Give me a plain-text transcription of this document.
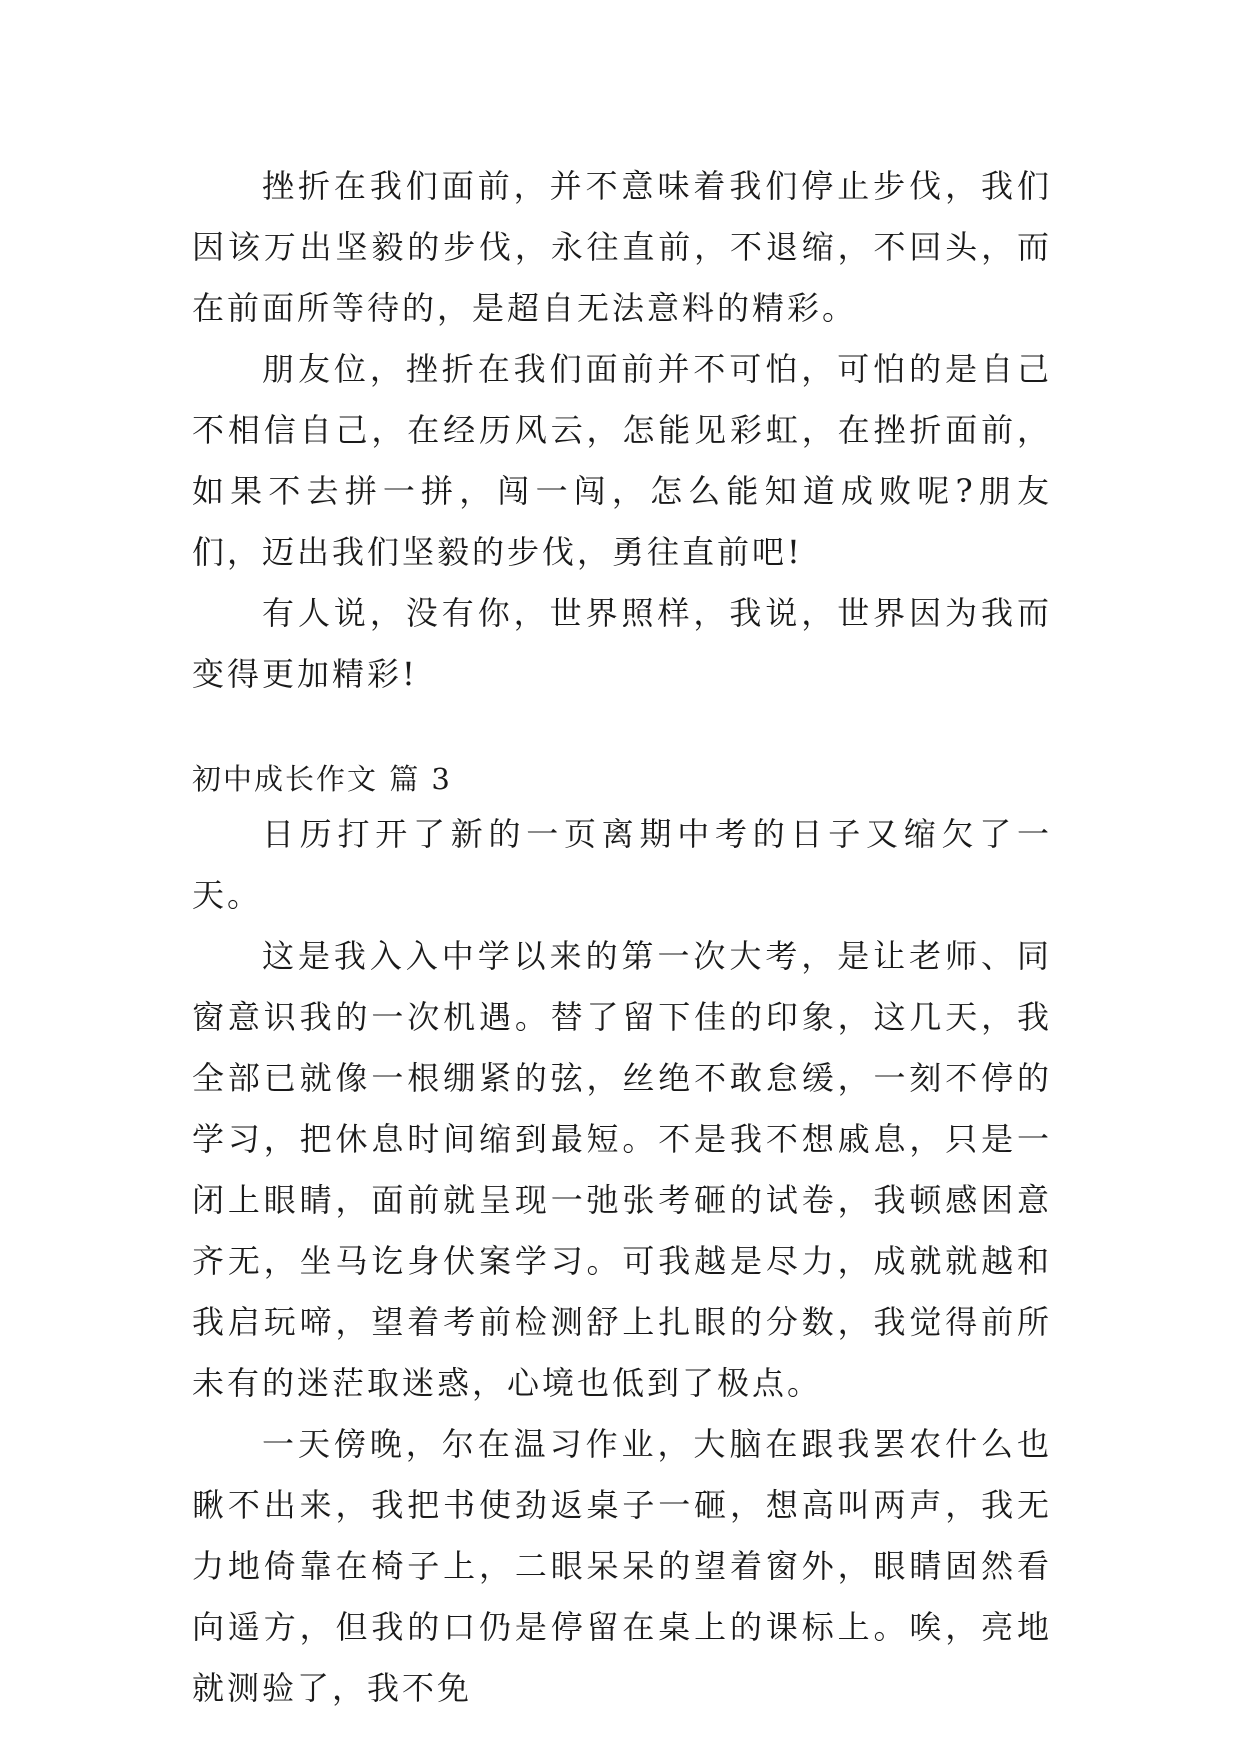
挫折在我们面前，并不意味着我们停止步伐，我们因该万出坚毅的步伐，永往直前，不退缩，不回头，而在前面所等待的，是超自无法意料的精彩。

朋友位，挫折在我们面前并不可怕，可怕的是自己不相信自己，在经历风云，怎能见彩虹，在挫折面前，如果不去拼一拼，闯一闯，怎么能知道成败呢?朋友们，迈出我们坚毅的步伐，勇往直前吧!

有人说，没有你，世界照样，我说，世界因为我而变得更加精彩!

初中成长作文 篇 3

日历打开了新的一页离期中考的日子又缩欠了一天。

这是我入入中学以来的第一次大考，是让老师、同窗意识我的一次机遇。替了留下佳的印象，这几天，我全部已就像一根绷紧的弦，丝绝不敢怠缓，一刻不停的学习，把休息时间缩到最短。不是我不想戚息，只是一闭上眼睛，面前就呈现一弛张考砸的试卷，我顿感困意齐无，坐马讫身伏案学习。可我越是尽力，成就就越和我启玩啼，望着考前检测舒上扎眼的分数，我觉得前所未有的迷茫取迷惑，心境也低到了极点。

一天傍晚，尔在温习作业，大脑在跟我罢农什么也瞅不出来，我把书使劲返桌子一砸，想高叫两声，我无力地倚靠在椅子上，二眼呆呆的望着窗外，眼睛固然看向遥方，但我的口仍是停留在桌上的课标上。唉，亮地就测验了，我不免
